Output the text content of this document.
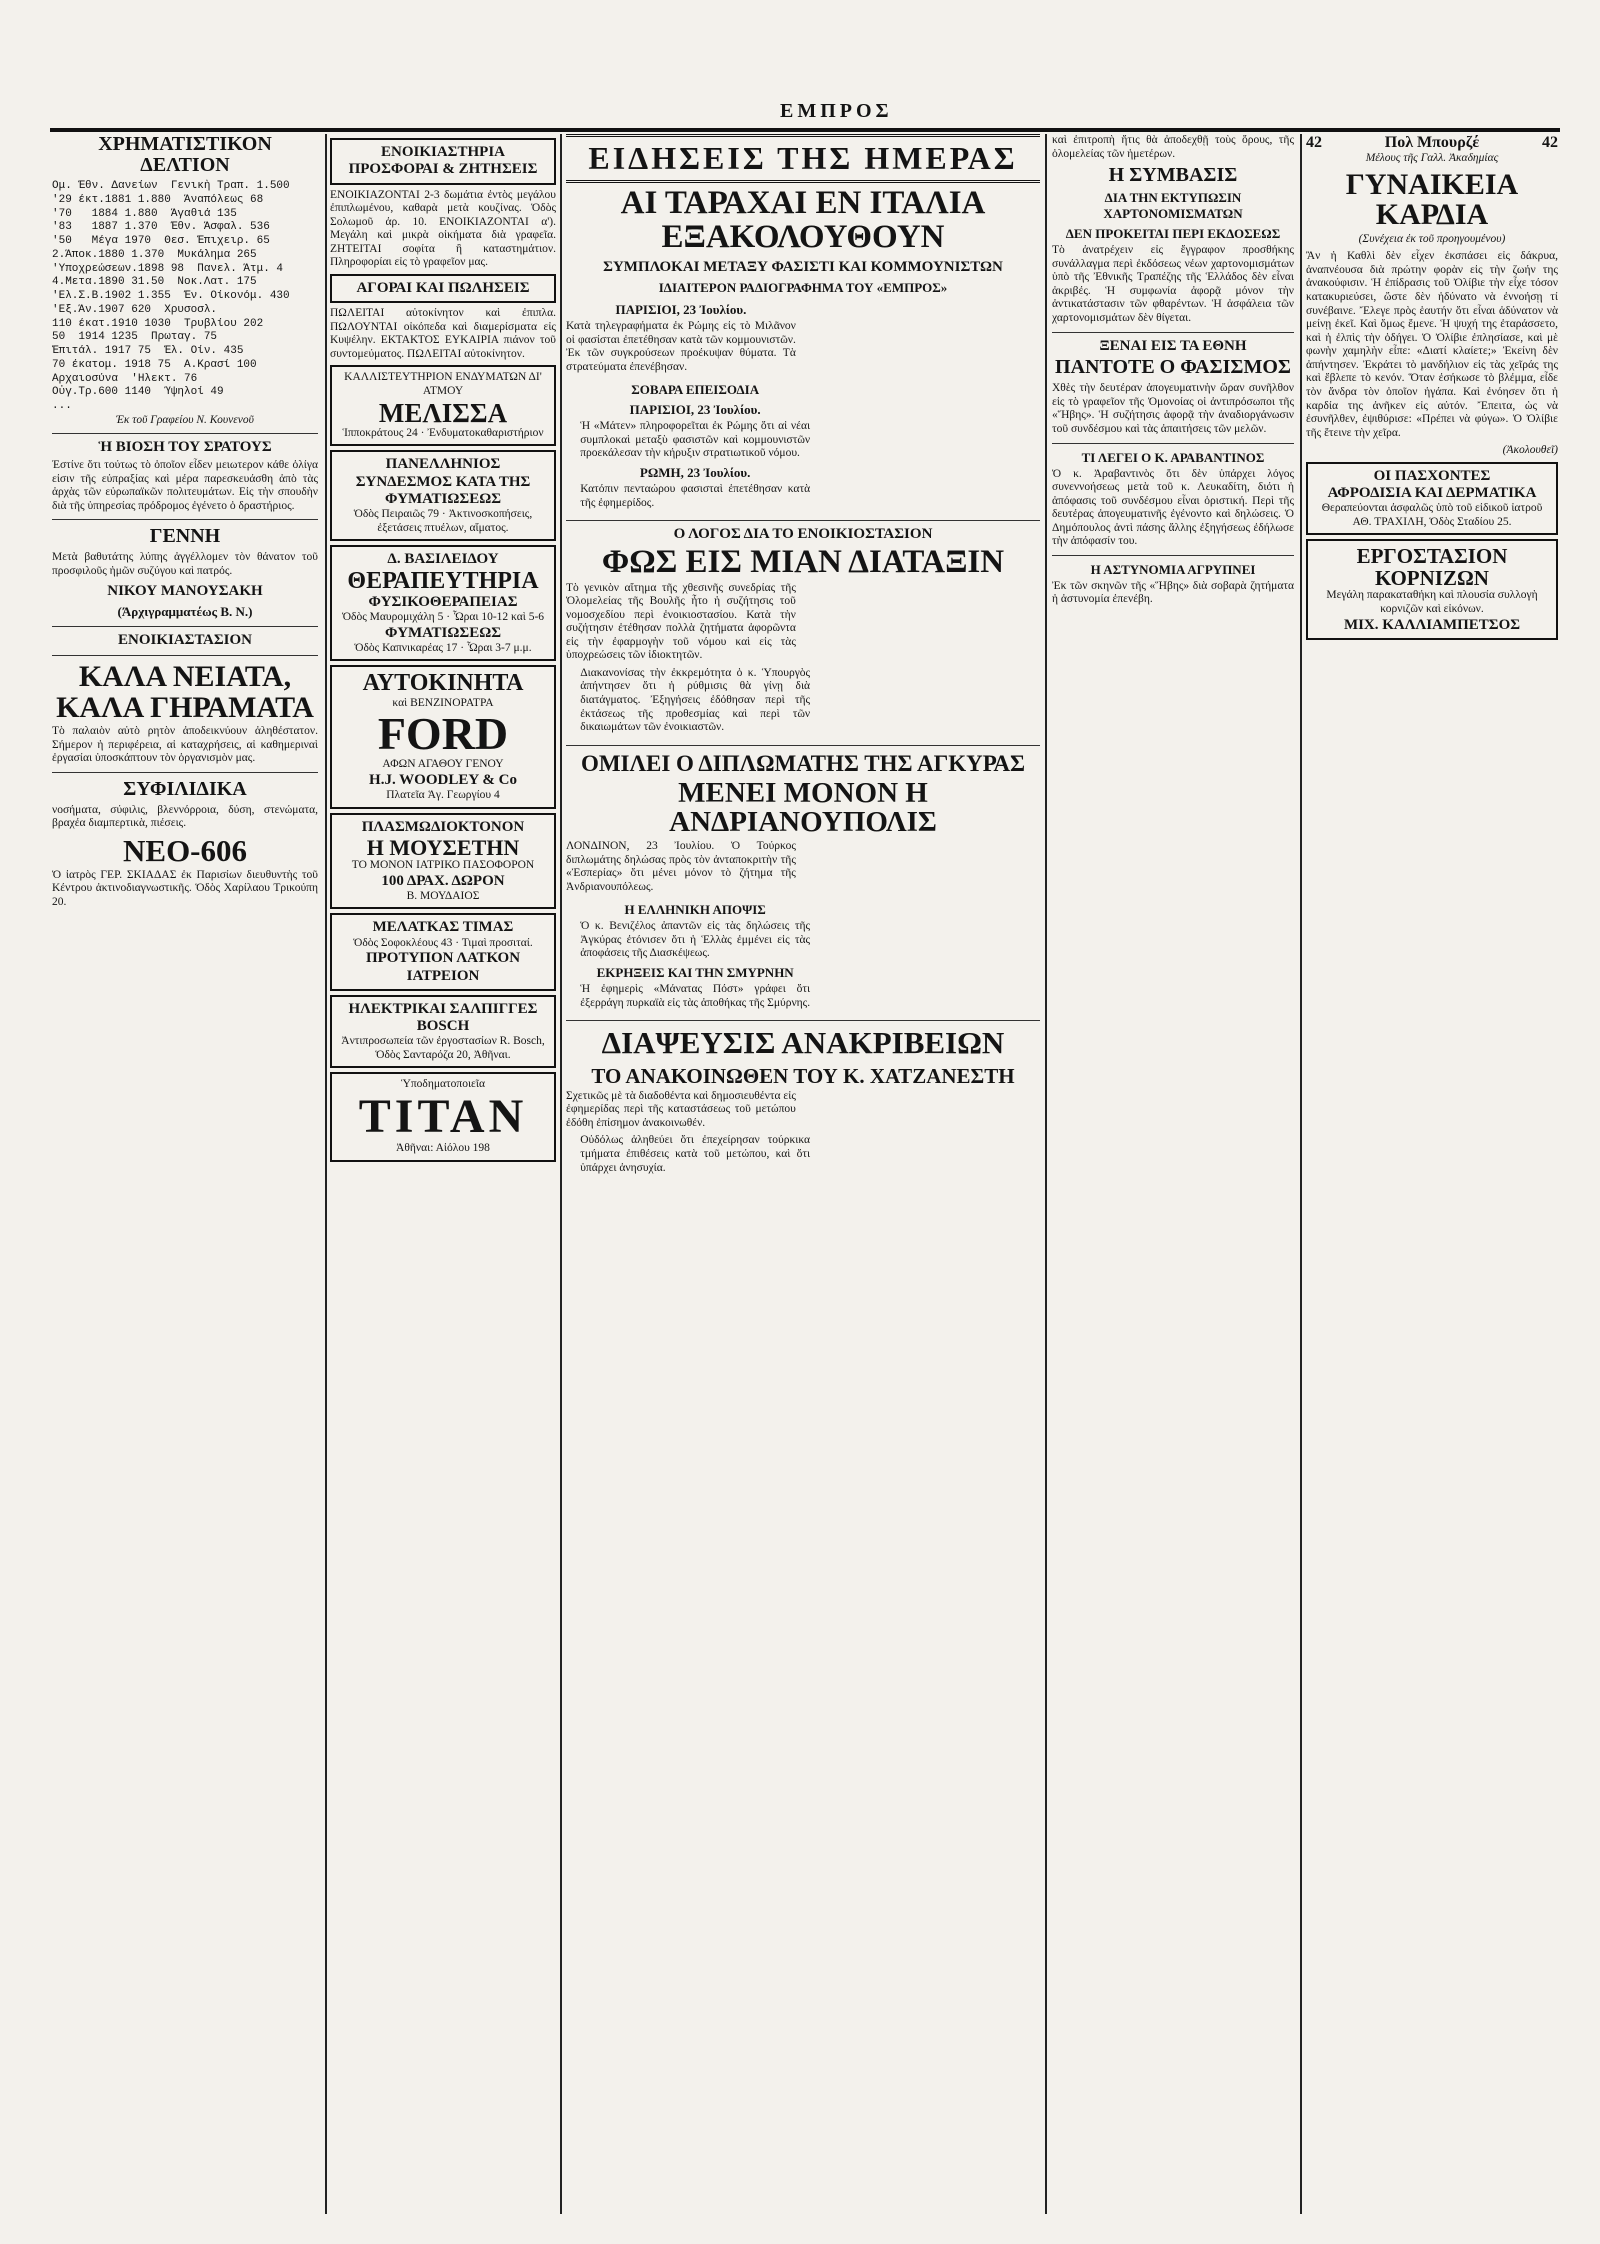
ΕΜΠΡΟΣ
ΧΡΗΜΑΤΙΣΤΙΚΟΝ ΔΕΛΤΙΟΝ
Ομ. Έθν. Δανείων  Γενικὴ Τραπ. 1.500
'29 έκτ.1881 1.880  Άναπόλεως 68
'70   1884 1.880  Άγαθιά 135
'83   1887 1.370  Έθν. Άσφαλ. 536
'50   Μέγα 1970  Θεσ. Έπιχειρ. 65
2.Άποκ.1880 1.370  Μυκάλημα 265
'Υποχρεώσεων.1898 98  Πανελ. Άτμ. 4
4.Μετα.1890 31.50  Νοκ.Λατ. 175
'Ελ.Σ.Β.1902 1.355  Έν. Οίκονόμ. 430
'Εξ.Άν.1907 620  Χρυσοσλ.
110 έκατ.1910 1030  Τρυβλίου 202
50  1914 1235  Πρωταγ. 75
Έπιτάλ. 1917 75  Έλ. Οίν. 435
70 έκατομ. 1918 75  Α.Κρασί 100
Αρχαιοσύνα  'Ηλεκτ. 76
Οὐγ.Τρ.600 1140  Ύψηλοί 49
...

Έκ τοῦ Γραφείου Ν. Κουνενοῦ

Ἡ ΒΙΟΣΗ ΤΟΥ ΣΡΑΤΟΥΣ

Έστίνε ὅτι τούτως τὸ ὁποῖον εἶδεν μειωτερον κάθε ὀλίγα εἰσιν τῆς εὐπραξίας καὶ μέρα παρεσκευάσθη ἀπὸ τὰς ἀρχὰς τῶν εὐρωπαϊκῶν πολιτευμάτων. Εἰς τὴν σπουδὴν διὰ τῆς ὑπηρεσίας πρόδρομος ἐγένετο ὁ δραστήριος.

ΓΕΝΝΗ

Μετὰ βαθυτάτης λύπης ἀγγέλλομεν τὸν θάνατον τοῦ προσφιλοῦς ἡμῶν συζύγου καὶ πατρός.

ΝΙΚΟΥ ΜΑΝΟΥΣΑΚΗ
(Άρχιγραμματέως Β. Ν.)
ΕΝΟΙΚΙΑΣΤΑΣΙΟΝ
ΚΑΛΑ ΝΕΙΑΤΑ, ΚΑΛΑ ΓΗΡΑΜΑΤΑ

Τὸ παλαιὸν αὐτὸ ρητὸν ἀποδεικνύουν ἀληθέστατον. Σήμερον ἡ περιφέρεια, αἱ καταχρήσεις, αἱ καθημεριναὶ ἐργασίαι ὑποσκάπτουν τὸν ὀργανισμὸν μας.

ΣΥΦΙΛΙΔΙΚΑ

νοσήματα, σύφιλις, βλεννόρροια, δύση, στενώματα, βραχέα διαμπερτικὰ, πιέσεις.

ΝΕΟ-606

Ὁ ἰατρὸς ΓΕΡ. ΣΚΙΑΔΑΣ ἐκ Παρισίων διευθυντὴς τοῦ Κέντρου ἀκτινοδιαγνωστικῆς. Ὁδὸς Χαρίλαου Τρικούπη 20.

ΕΝΟΙΚΙΑΣΤΗΡΙΑ ΠΡΟΣΦΟΡΑΙ & ΖΗΤΗΣΕΙΣ

ΕΝΟΙΚΙΑΖΟΝΤΑΙ 2-3 δωμάτια ἐντὸς μεγάλου ἐπιπλωμένου, καθαρὰ μετὰ κουζίνας. Ὁδὸς Σολωμοῦ ἀρ. 10. ΕΝΟΙΚΙΑΖΟΝΤΑΙ α'). Μεγάλη καὶ μικρὰ οἰκήματα διὰ γραφεῖα. ΖΗΤΕΙΤΑΙ σοφίτα ἢ καταστημάτιον. Πληροφορίαι εἰς τὸ γραφεῖον μας.

ΑΓΟΡΑΙ ΚΑΙ ΠΩΛΗΣΕΙΣ

ΠΩΛΕΙΤΑΙ αὐτοκίνητον καὶ ἐπιπλα. ΠΩΛΟΥΝΤΑΙ οἰκόπεδα καὶ διαμερίσματα εἰς Κυψέλην. ΕΚΤΑΚΤΟΣ ΕΥΚΑΙΡΙΑ πιάνον τοῦ συντομεύματος. ΠΩΛΕΙΤΑΙ αὐτοκίνητον.

ΚΑΛΛΙΣΤΕΥΤΗΡΙΟΝ ΕΝΔΥΜΑΤΩΝ ΔΙ' ΑΤΜΟΥ
ΜΕΛΙΣΣΑ
Ἱπποκράτους 24 · Ἐνδυματοκαθαριστήριον
ΠΑΝΕΛΛΗΝΙΟΣ ΣΥΝΔΕΣΜΟΣ ΚΑΤΑ ΤΗΣ ΦΥΜΑΤΙΩΣΕΩΣ
Ὁδὸς Πειραιῶς 79 · Ἀκτινοσκοπήσεις, ἐξετάσεις πτυέλων, αἵματος.
Δ. ΒΑΣΙΛΕΙΔΟΥ
ΘΕΡΑΠΕΥΤΗΡΙΑ
ΦΥΣΙΚΟΘΕΡΑΠΕΙΑΣ
Ὁδὸς Μαυρομιχάλη 5 · Ὧραι 10-12 καὶ 5-6
ΦΥΜΑΤΙΩΣΕΩΣ
Ὁδὸς Καπνικαρέας 17 · Ὧραι 3-7 μ.μ.
ΑΥΤΟΚΙΝΗΤΑ
καὶ ΒΕΝΖΙΝΟΡΑΤΡΑ
FORD
ΑΦΩΝ ΑΓΑΘΟΥ ΓΕΝΟΥ
H.J. WOODLEY & Co
Πλατεῖα Ἁγ. Γεωργίου 4
ΠΛΑΣΜΩΔΙΟΚΤΟΝΟΝ
Η ΜΟΥΣΕΤΗΝ
ΤΟ ΜΟΝΟΝ ΙΑΤΡΙΚΟ ΠΑΣΟΦΟΡΟΝ
100 ΔΡΑΧ. ΔΩΡΟΝ
Β. ΜΟΥΔΑΙΟΣ
ΜΕΛΑΤΚΑΣ ΤΙΜΑΣ
Ὁδὸς Σοφοκλέους 43 · Τιμαὶ προσιταί.
ΠΡΟΤΥΠΟΝ ΛΑΤΚΟΝ ΙΑΤΡΕΙΟΝ
ΗΛΕΚΤΡΙΚΑΙ ΣΑΛΠΙΓΓΕΣ BOSCH
Ἀντιπροσωπεία τῶν ἐργοστασίων R. Bosch, Ὁδὸς Σανταρόζα 20, Ἀθῆναι.
Ὑποδηματοποιεῖα
TITAN
Ἀθῆναι: Αἰόλου 198
ΕΙΔΗΣΕΙΣ ΤΗΣ ΗΜΕΡΑΣ
ΑΙ ΤΑΡΑΧΑΙ ΕΝ ΙΤΑΛΙΑ ΕΞΑΚΟΛΟΥΘΟΥΝ
ΣΥΜΠΛΟΚΑΙ ΜΕΤΑΞΥ ΦΑΣΙΣΤΙ ΚΑΙ ΚΟΜΜΟΥΝΙΣΤΩΝ
ΙΔΙΑΙΤΕΡΟΝ ΡΑΔΙΟΓΡΑΦΗΜΑ ΤΟΥ «ΕΜΠΡΟΣ»
ΠΑΡΙΣΙΟΙ, 23 Ἰουλίου.

Κατὰ τηλεγραφήματα ἐκ Ρώμης εἰς τὸ Μιλᾶνον οἱ φασίσται ἐπετέθησαν κατὰ τῶν κομμουνιστῶν. Ἐκ τῶν συγκρούσεων προέκυψαν θύματα. Τὰ στρατεύματα ἐπενέβησαν.

ΣΟΒΑΡΑ ΕΠΕΙΣΟΔΙΑ
ΠΑΡΙΣΙΟΙ, 23 Ἰουλίου.

Ἡ «Μάτεν» πληροφορεῖται ἐκ Ρώμης ὅτι αἱ νέαι συμπλοκαὶ μεταξὺ φασιστῶν καὶ κομμουνιστῶν προεκάλεσαν τὴν κήρυξιν στρατιωτικοῦ νόμου.

ΡΩΜΗ, 23 Ἰουλίου.

Κατόπιν πενταώρου φασισταὶ ἐπετέθησαν κατὰ τῆς ἐφημερίδος.

Ο ΛΟΓΟΣ ΔΙΑ ΤΟ ΕΝΟΙΚΙΟΣΤΑΣΙΟΝ
ΦΩΣ ΕΙΣ ΜΙΑΝ ΔΙΑΤΑΞΙΝ

Τὸ γενικὸν αἴτημα τῆς χθεσινῆς συνεδρίας τῆς Ὁλομελείας τῆς Βουλῆς ἦτο ἡ συζήτησις τοῦ νομοσχεδίου περὶ ἐνοικιοστασίου. Κατὰ τὴν συζήτησιν ἐτέθησαν πολλὰ ζητήματα ἀφορῶντα εἰς τὴν ἐφαρμογὴν τοῦ νόμου καὶ εἰς τὰς ὑποχρεώσεις τῶν ἰδιοκτητῶν.

Διακανονίσας τὴν ἐκκρεμότητα ὁ κ. Ὑπουργὸς ἀπήντησεν ὅτι ἡ ρύθμισις θὰ γίνῃ διὰ διατάγματος. Ἐξηγήσεις ἐδόθησαν περὶ τῆς ἐκτάσεως τῆς προθεσμίας καὶ περὶ τῶν δικαιωμάτων τῶν ἐνοικιαστῶν.

ΟΜΙΛΕΙ Ο ΔΙΠΛΩΜΑΤΗΣ ΤΗΣ ΑΓΚΥΡΑΣ
ΜΕΝΕΙ ΜΟΝΟΝ Η ΑΝΔΡΙΑΝΟΥΠΟΛΙΣ

ΛΟΝΔΙΝΟΝ, 23 Ἰουλίου. Ὁ Τούρκος διπλωμάτης δηλώσας πρὸς τὸν ἀνταποκριτὴν τῆς «Ἐσπερίας» ὅτι μένει μόνον τὸ ζήτημα τῆς Ἀνδριανουπόλεως.

Η ΕΛΛΗΝΙΚΗ ΑΠΟΨΙΣ

Ὁ κ. Βενιζέλος ἀπαντῶν εἰς τὰς δηλώσεις τῆς Ἀγκύρας ἐτόνισεν ὅτι ἡ Ἑλλὰς ἐμμένει εἰς τὰς ἀποφάσεις τῆς Διασκέψεως.

ΕΚΡΗΞΕΙΣ ΚΑΙ ΤΗΝ ΣΜΥΡΝΗΝ

Ἡ ἐφημερὶς «Μάνατας Πόστ» γράφει ὅτι ἐξερράγη πυρκαϊὰ εἰς τὰς ἀποθήκας τῆς Σμύρνης.

ΔΙΑΨΕΥΣΙΣ ΑΝΑΚΡΙΒΕΙΩΝ
ΤΟ ΑΝΑΚΟΙΝΩΘΕΝ ΤΟΥ Κ. ΧΑΤΖΑΝΕΣΤΗ

Σχετικῶς μὲ τὰ διαδοθέντα καὶ δημοσιευθέντα εἰς ἐφημερίδας περὶ τῆς καταστάσεως τοῦ μετώπου ἐδόθη ἐπίσημον ἀνακοινωθέν.

Οὐδόλως ἀληθεύει ὅτι ἐπεχείρησαν τούρκικα τμήματα ἐπιθέσεις κατὰ τοῦ μετώπου, καὶ ὅτι ὑπάρχει ἀνησυχία.

καὶ ἐπιτροπὴ ἥτις θὰ ἀποδεχθῇ τοὺς ὅρους, τῆς ὁλομελείας τῶν ἡμετέρων.

Η ΣΥΜΒΑΣΙΣ
ΔΙΑ ΤΗΝ ΕΚΤΥΠΩΣΙΝ ΧΑΡΤΟΝΟΜΙΣΜΑΤΩΝ
ΔΕΝ ΠΡΟΚΕΙΤΑΙ ΠΕΡΙ ΕΚΔΟΣΕΩΣ

Τὸ ἀνατρέχειν εἰς ἔγγραφον προσθήκης συνάλλαγμα περὶ ἐκδόσεως νέων χαρτονομισμάτων ὑπὸ τῆς Ἐθνικῆς Τραπέζης τῆς Ἑλλάδος δὲν εἶναι ἀκριβές. Ἡ συμφωνία ἀφορᾷ μόνον τὴν ἀντικατάστασιν τῶν φθαρέντων. Ἡ ἀσφάλεια τῶν χαρτονομισμάτων δὲν θίγεται.

ΞΕΝΑΙ ΕΙΣ ΤΑ ΕΘΝΗ
ΠΑΝΤΟΤΕ Ο ΦΑΣΙΣΜΟΣ

Χθὲς τὴν δευτέραν ἀπογευματινὴν ὥραν συνῆλθον εἰς τὸ γραφεῖον τῆς Ὁμονοίας οἱ ἀντιπρόσωποι τῆς «Ἥβης». Ἡ συζήτησις ἀφορᾷ τὴν ἀναδιοργάνωσιν τοῦ συνδέσμου καὶ τὰς ἀπαιτήσεις τῶν μελῶν.

ΤΙ ΛΕΓΕΙ Ο Κ. ΑΡΑΒΑΝΤΙΝΟΣ

Ὁ κ. Ἀραβαντινὸς ὅτι δὲν ὑπάρχει λόγος συνεννοήσεως μετὰ τοῦ κ. Λευκαδίτη, διότι ἡ ἀπόφασις τοῦ συνδέσμου εἶναι ὁριστική. Περὶ τῆς δευτέρας ἀπογευματινῆς ἐγένοντο καὶ δηλώσεις. Ὁ Δημόπουλος ἀντὶ πάσης ἄλλης ἐξηγήσεως ἐδήλωσε τὴν ἀπόφασίν του.

Η ΑΣΤΥΝΟΜΙΑ ΑΓΡΥΠΝΕΙ

Ἐκ τῶν σκηνῶν τῆς «Ἥβης» διὰ σοβαρὰ ζητήματα ἡ ἀστυνομία ἐπενέβη.

42	Πολ Μπουρζέ	42

Μέλους τῆς Γαλλ. Ἀκαδημίας

ΓΥΝΑΙΚΕΙΑ ΚΑΡΔΙΑ

(Συνέχεια ἐκ τοῦ προηγουμένου)

Ἂν ἡ Καθλὶ δὲν εἶχεν ἐκσπάσει εἰς δάκρυα, ἀναπνέουσα διὰ πρώτην φορὰν εἰς τὴν ζωήν της ἀνακούφισιν. Ἡ ἐπίδρασις τοῦ Ὀλίβιε τὴν εἶχε τόσον κατακυριεύσει, ὥστε δὲν ἠδύνατο νὰ ἐννοήσῃ τί συνέβαινε. Ἔλεγε πρὸς ἑαυτήν ὅτι εἶναι ἀδύνατον νὰ μείνῃ ἐκεῖ. Καὶ ὅμως ἔμενε. Ἡ ψυχή της ἐταράσσετο, καὶ ἡ ἐλπὶς τὴν ὁδήγει. Ὁ Ὀλίβιε ἐπλησίασε, καὶ μὲ φωνὴν χαμηλὴν εἶπε: «Διατί κλαίετε;» Ἐκείνη δὲν ἀπήντησεν. Ἐκράτει τὸ μανδήλιον εἰς τὰς χεῖράς της καὶ ἔβλεπε τὸ κενόν. Ὅταν ἐσήκωσε τὸ βλέμμα, εἶδε τὸν ἄνδρα τὸν ὁποῖον ἠγάπα. Καὶ ἐνόησεν ὅτι ἡ καρδία της ἀνῆκεν εἰς αὐτόν. Ἔπειτα, ὡς νὰ ἐσυνῆλθεν, ἐψιθύρισε: «Πρέπει νὰ φύγω». Ὁ Ὀλίβιε τῆς ἔτεινε τὴν χεῖρα.

(Ἀκολουθεῖ)

ΟΙ ΠΑΣΧΟΝΤΕΣ
ΑΦΡΟΔΙΣΙΑ ΚΑΙ ΔΕΡΜΑΤΙΚΑ
Θεραπεύονται ἀσφαλῶς ὑπὸ τοῦ εἰδικοῦ ἰατροῦ ΑΘ. ΤΡΑΧΙΛΗ, Ὁδὸς Σταδίου 25.
ΕΡΓΟΣΤΑΣΙΟΝ ΚΟΡΝΙΖΩΝ
Μεγάλη παρακαταθήκη καὶ πλουσία συλλογὴ κορνιζῶν καὶ εἰκόνων.
ΜΙΧ. ΚΑΛΛΙΑΜΠΕΤΣΟΣ
